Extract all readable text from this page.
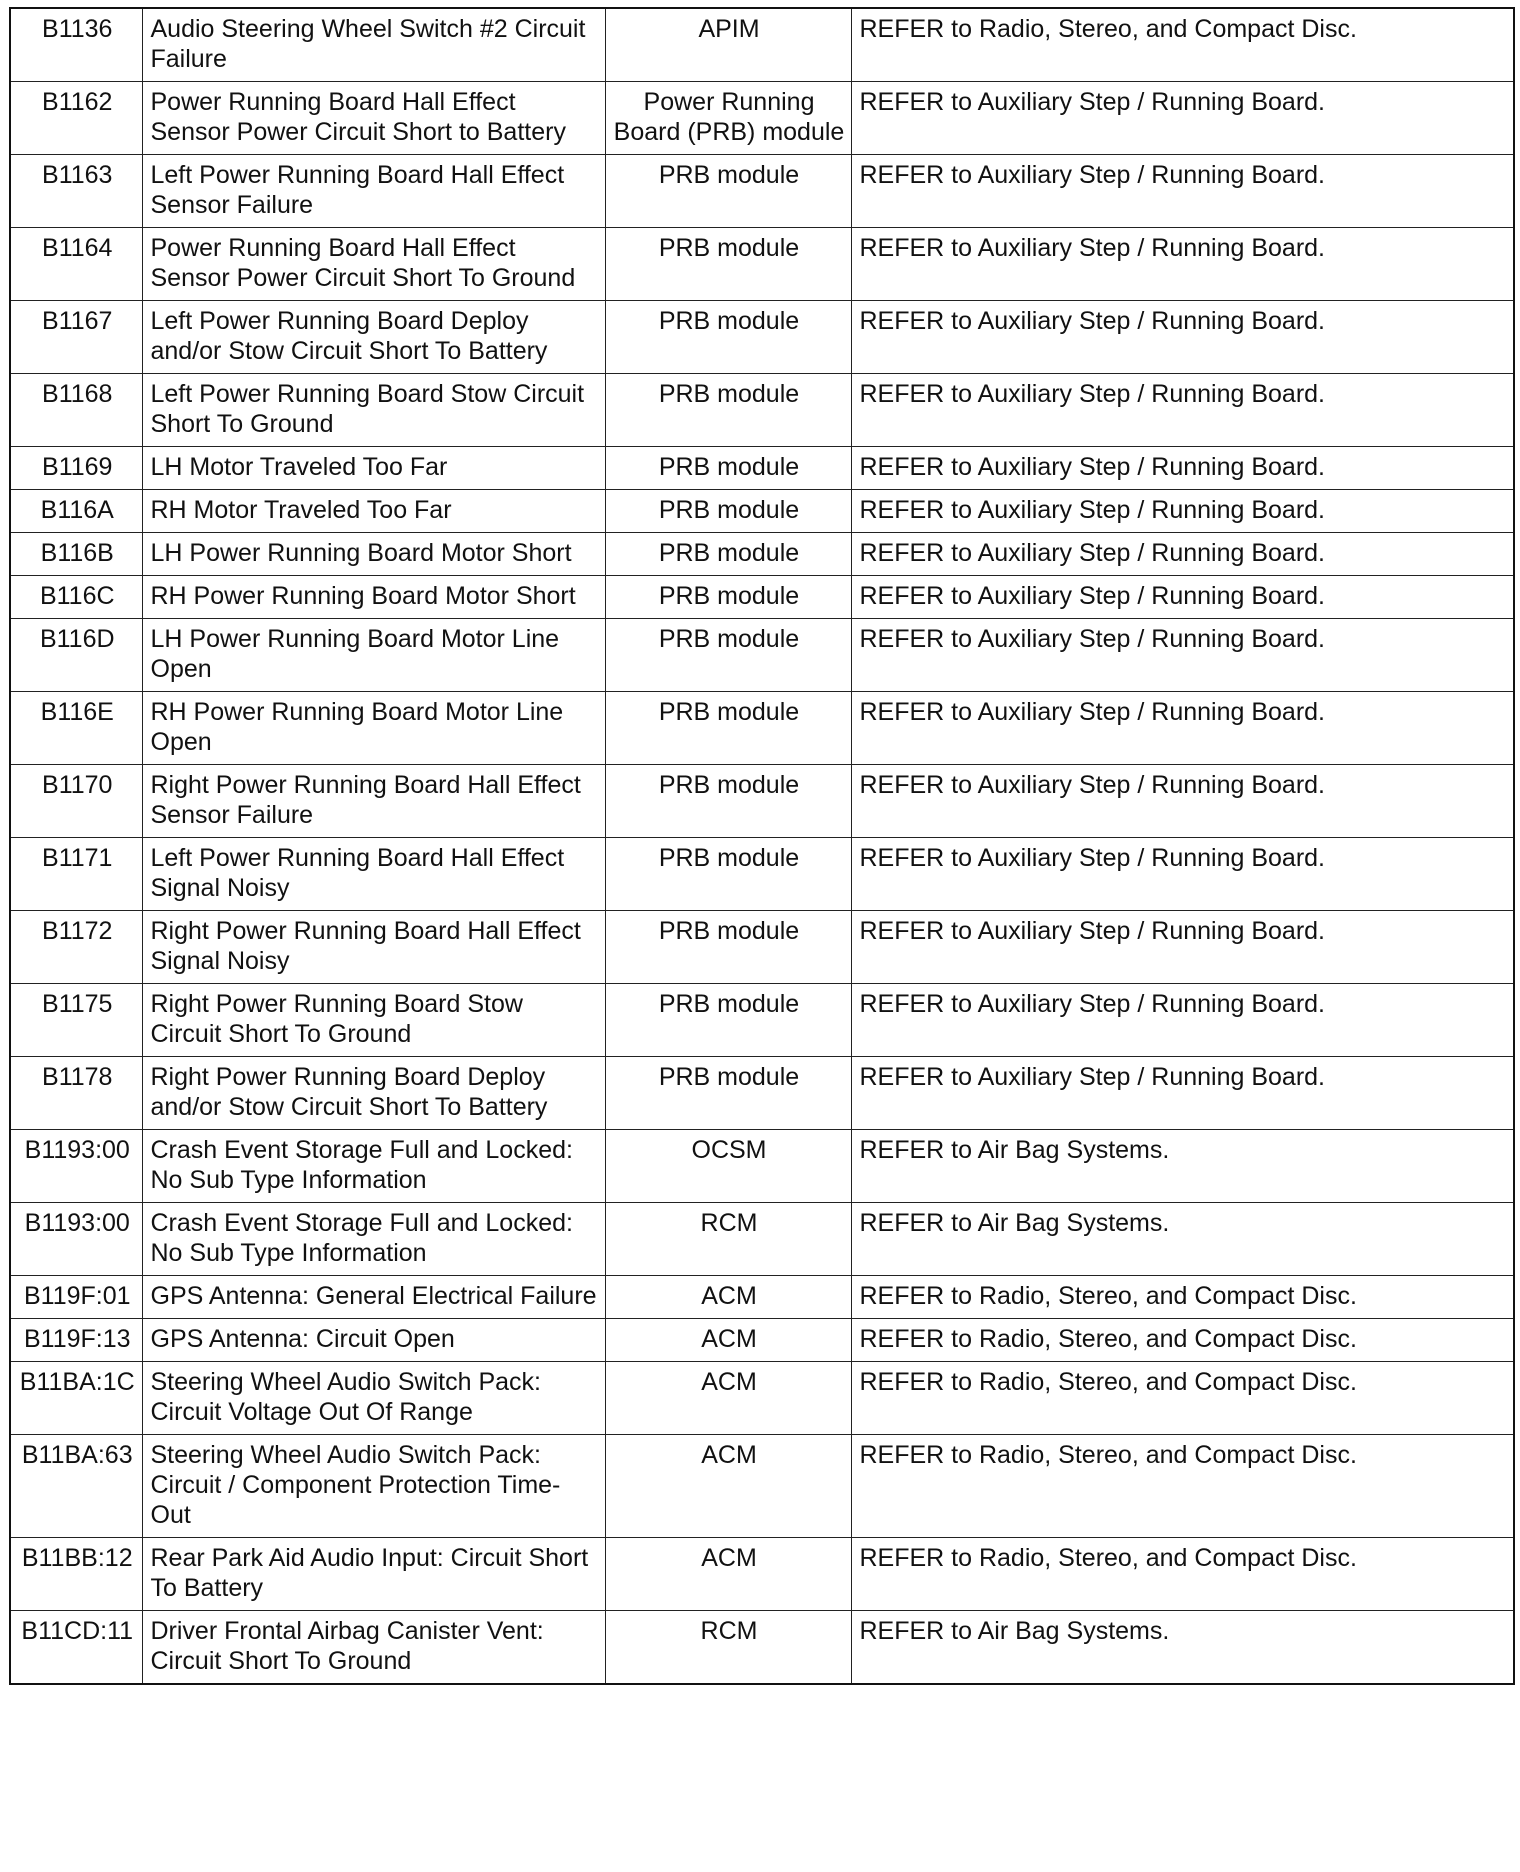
B1136	Audio Steering Wheel Switch #2 Circuit Failure	APIM	REFER to Radio, Stereo, and Compact Disc.
B1162	Power Running Board Hall Effect Sensor Power Circuit Short to Battery	Power Running Board (PRB) module	REFER to Auxiliary Step / Running Board.
B1163	Left Power Running Board Hall Effect Sensor Failure	PRB module	REFER to Auxiliary Step / Running Board.
B1164	Power Running Board Hall Effect Sensor Power Circuit Short To Ground	PRB module	REFER to Auxiliary Step / Running Board.
B1167	Left Power Running Board Deploy and/or Stow Circuit Short To Battery	PRB module	REFER to Auxiliary Step / Running Board.
B1168	Left Power Running Board Stow Circuit Short To Ground	PRB module	REFER to Auxiliary Step / Running Board.
B1169	LH Motor Traveled Too Far	PRB module	REFER to Auxiliary Step / Running Board.
B116A	RH Motor Traveled Too Far	PRB module	REFER to Auxiliary Step / Running Board.
B116B	LH Power Running Board Motor Short	PRB module	REFER to Auxiliary Step / Running Board.
B116C	RH Power Running Board Motor Short	PRB module	REFER to Auxiliary Step / Running Board.
B116D	LH Power Running Board Motor Line Open	PRB module	REFER to Auxiliary Step / Running Board.
B116E	RH Power Running Board Motor Line Open	PRB module	REFER to Auxiliary Step / Running Board.
B1170	Right Power Running Board Hall Effect Sensor Failure	PRB module	REFER to Auxiliary Step / Running Board.
B1171	Left Power Running Board Hall Effect Signal Noisy	PRB module	REFER to Auxiliary Step / Running Board.
B1172	Right Power Running Board Hall Effect Signal Noisy	PRB module	REFER to Auxiliary Step / Running Board.
B1175	Right Power Running Board Stow Circuit Short To Ground	PRB module	REFER to Auxiliary Step / Running Board.
B1178	Right Power Running Board Deploy and/or Stow Circuit Short To Battery	PRB module	REFER to Auxiliary Step / Running Board.
B1193:00	Crash Event Storage Full and Locked: No Sub Type Information	OCSM	REFER to Air Bag Systems.
B1193:00	Crash Event Storage Full and Locked: No Sub Type Information	RCM	REFER to Air Bag Systems.
B119F:01	GPS Antenna: General Electrical Failure	ACM	REFER to Radio, Stereo, and Compact Disc.
B119F:13	GPS Antenna: Circuit Open	ACM	REFER to Radio, Stereo, and Compact Disc.
B11BA:1C	Steering Wheel Audio Switch Pack: Circuit Voltage Out Of Range	ACM	REFER to Radio, Stereo, and Compact Disc.
B11BA:63	Steering Wheel Audio Switch Pack: Circuit / Component Protection Time-Out	ACM	REFER to Radio, Stereo, and Compact Disc.
B11BB:12	Rear Park Aid Audio Input: Circuit Short To Battery	ACM	REFER to Radio, Stereo, and Compact Disc.
B11CD:11	Driver Frontal Airbag Canister Vent: Circuit Short To Ground	RCM	REFER to Air Bag Systems.
